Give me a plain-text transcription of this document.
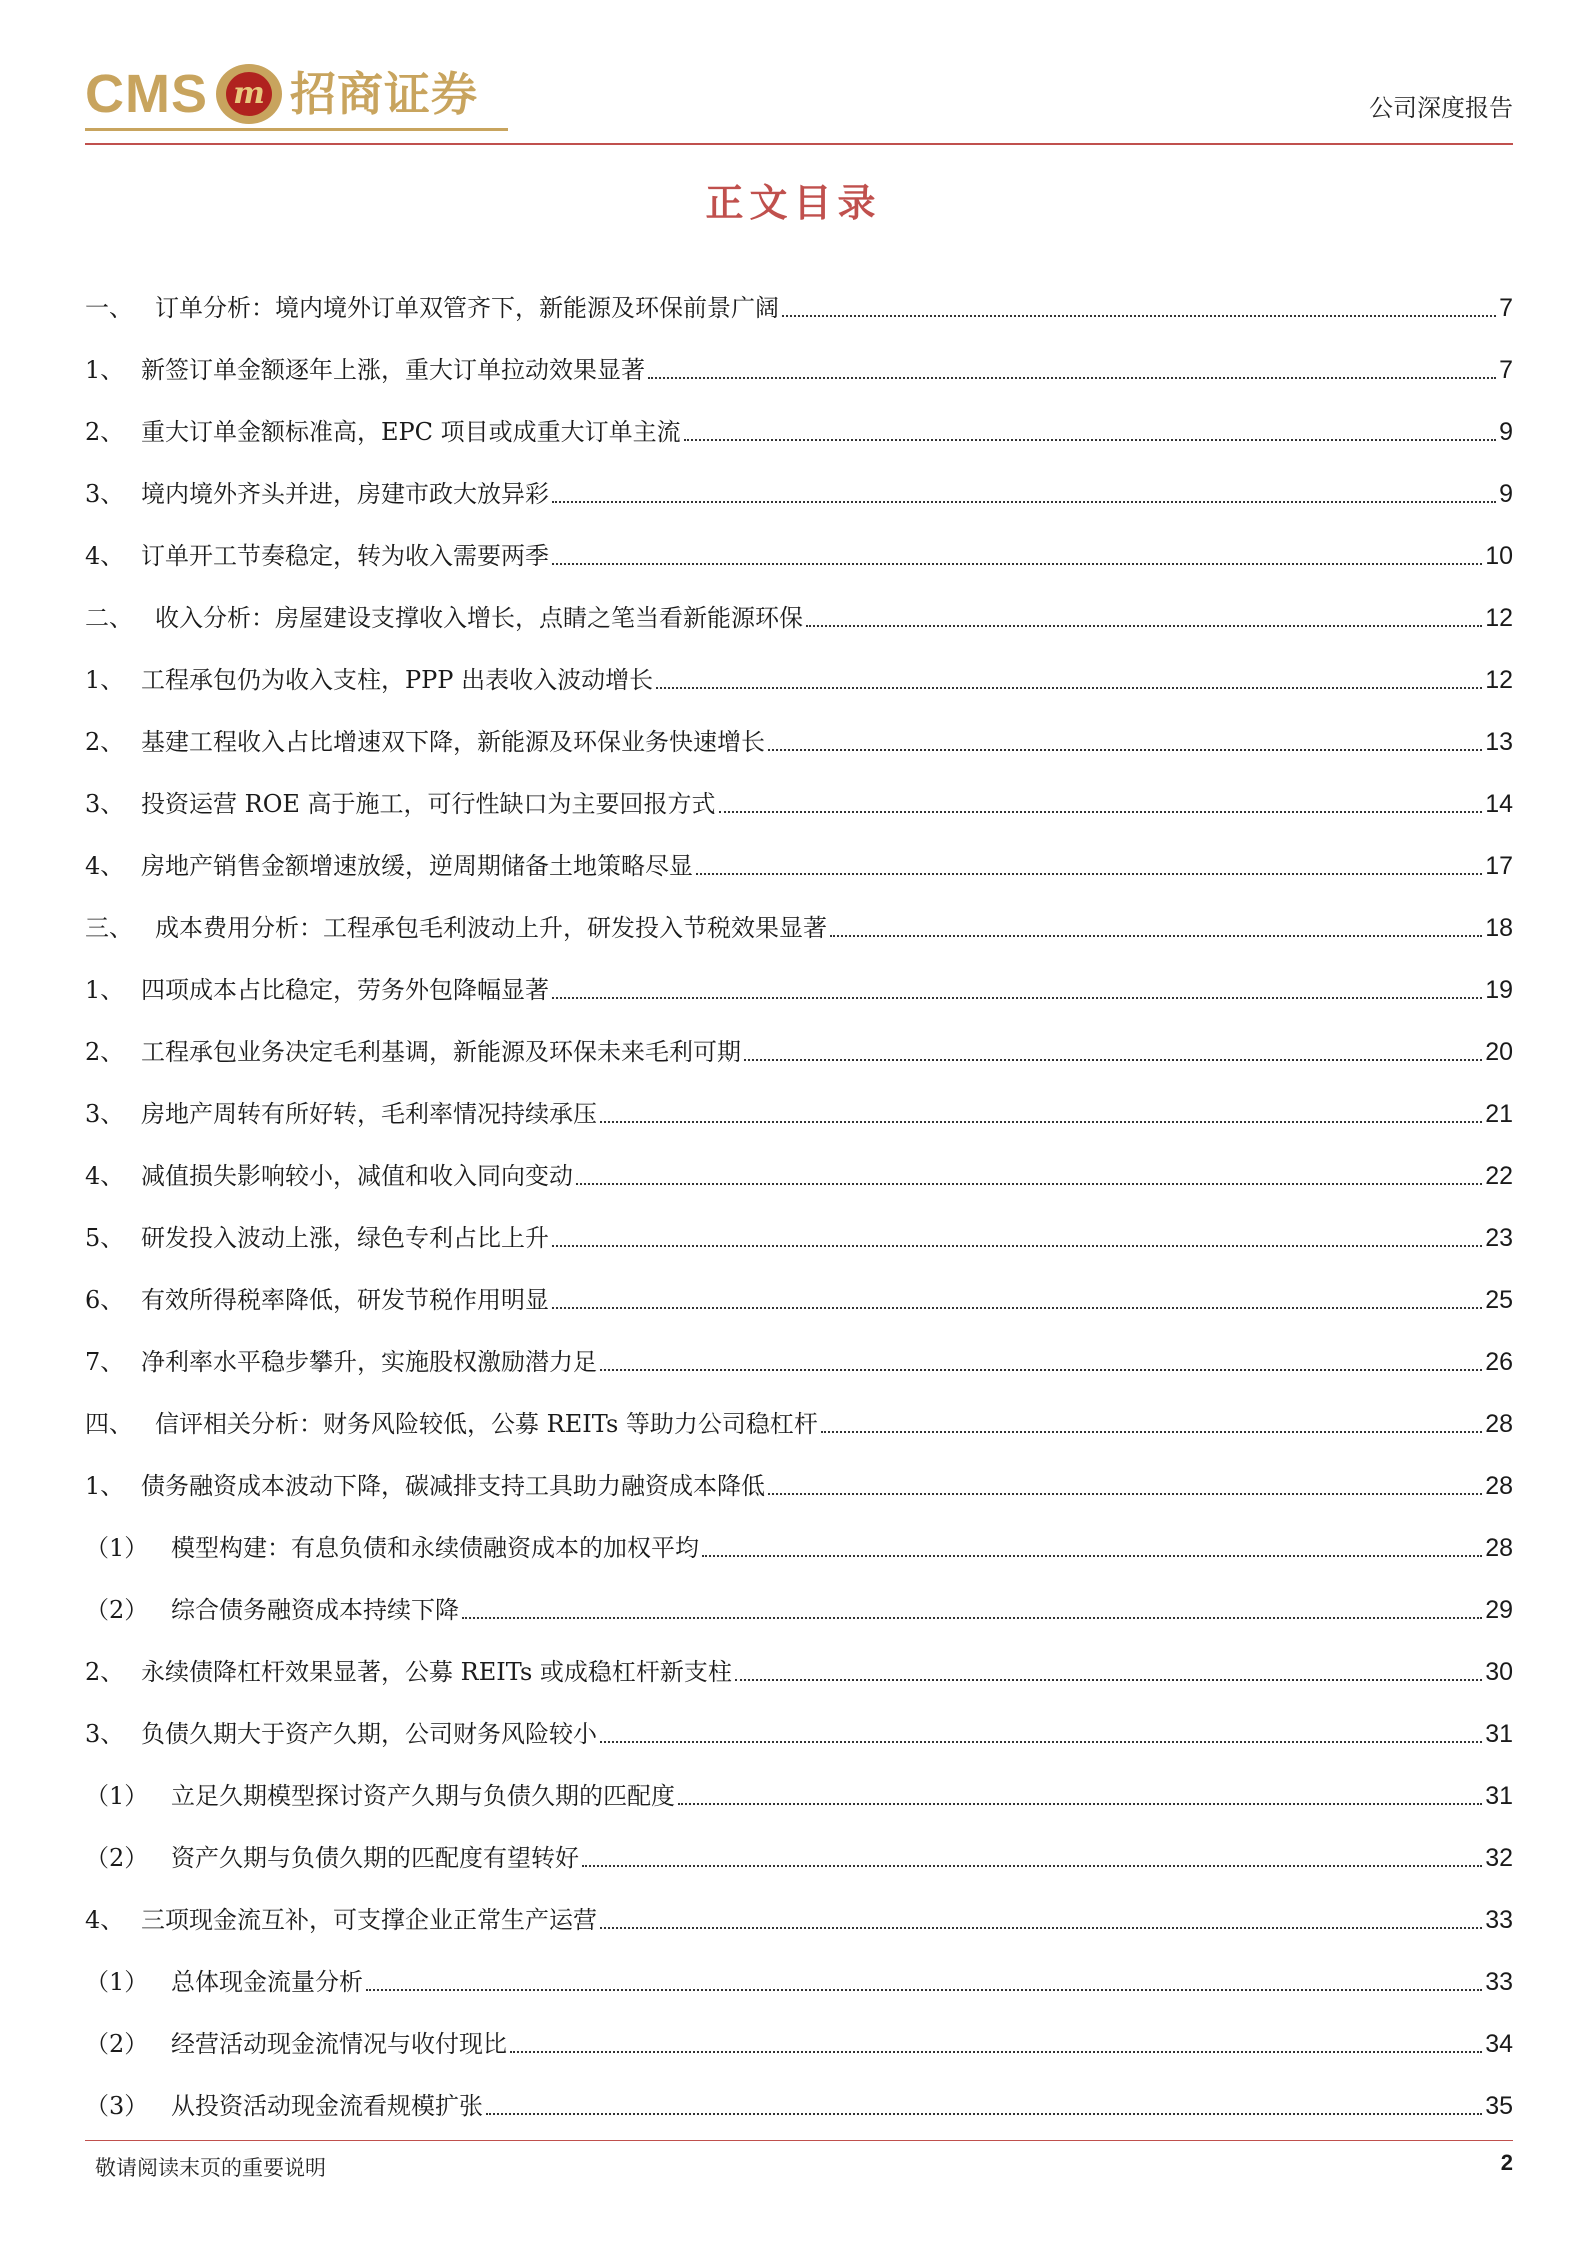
CMS m 招商证券	公司深度报告
正文目录
一、 订单分析：境内境外订单双管齐下，新能源及环保前景广阔	7
1、 新签订单金额逐年上涨，重大订单拉动效果显著	7
2、 重大订单金额标准高，EPC 项目或成重大订单主流	9
3、 境内境外齐头并进，房建市政大放异彩	9
4、 订单开工节奏稳定，转为收入需要两季	10
二、 收入分析：房屋建设支撑收入增长，点睛之笔当看新能源环保	12
1、 工程承包仍为收入支柱，PPP 出表收入波动增长	12
2、 基建工程收入占比增速双下降，新能源及环保业务快速增长	13
3、 投资运营 ROE 高于施工，可行性缺口为主要回报方式	14
4、 房地产销售金额增速放缓，逆周期储备土地策略尽显	17
三、 成本费用分析：工程承包毛利波动上升，研发投入节税效果显著	18
1、 四项成本占比稳定，劳务外包降幅显著	19
2、 工程承包业务决定毛利基调，新能源及环保未来毛利可期	20
3、 房地产周转有所好转，毛利率情况持续承压	21
4、 减值损失影响较小，减值和收入同向变动	22
5、 研发投入波动上涨，绿色专利占比上升	23
6、 有效所得税率降低，研发节税作用明显	25
7、 净利率水平稳步攀升，实施股权激励潜力足	26
四、 信评相关分析：财务风险较低，公募 REITs 等助力公司稳杠杆	28
1、 债务融资成本波动下降，碳减排支持工具助力融资成本降低	28
（1） 模型构建：有息负债和永续债融资成本的加权平均	28
（2） 综合债务融资成本持续下降	29
2、 永续债降杠杆效果显著，公募 REITs 或成稳杠杆新支柱	30
3、 负债久期大于资产久期，公司财务风险较小	31
（1） 立足久期模型探讨资产久期与负债久期的匹配度	31
（2） 资产久期与负债久期的匹配度有望转好	32
4、 三项现金流互补，可支撑企业正常生产运营	33
（1） 总体现金流量分析	33
（2） 经营活动现金流情况与收付现比	34
（3） 从投资活动现金流看规模扩张	35
敬请阅读末页的重要说明	2
